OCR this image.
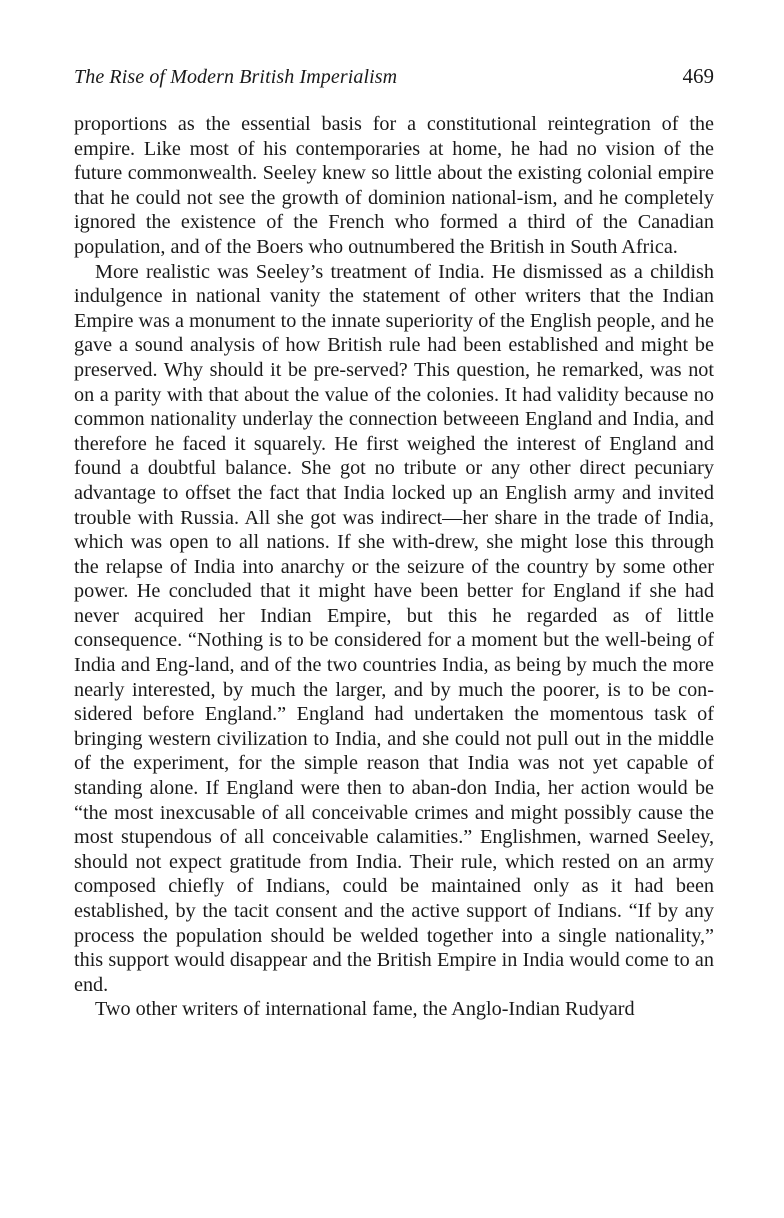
The Rise of Modern British Imperialism	469

proportions as the essential basis for a constitutional reintegration of the empire. Like most of his contemporaries at home, he had no vision of the future commonwealth. Seeley knew so little about the existing colonial empire that he could not see the growth of dominion national-ism, and he completely ignored the existence of the French who formed a third of the Canadian population, and of the Boers who outnumbered the British in South Africa.

More realistic was Seeley’s treatment of India. He dismissed as a childish indulgence in national vanity the statement of other writers that the Indian Empire was a monument to the innate superiority of the English people, and he gave a sound analysis of how British rule had been established and might be preserved. Why should it be pre-served? This question, he remarked, was not on a parity with that about the value of the colonies. It had validity because no common nationality underlay the connection betweeen England and India, and therefore he faced it squarely. He first weighed the interest of England and found a doubtful balance. She got no tribute or any other direct pecuniary advantage to offset the fact that India locked up an English army and invited trouble with Russia. All she got was indirect—her share in the trade of India, which was open to all nations. If she with-drew, she might lose this through the relapse of India into anarchy or the seizure of the country by some other power. He concluded that it might have been better for England if she had never acquired her Indian Empire, but this he regarded as of little consequence. “Nothing is to be considered for a moment but the well-being of India and Eng-land, and of the two countries India, as being by much the more nearly interested, by much the larger, and by much the poorer, is to be con-sidered before England.” England had undertaken the momentous task of bringing western civilization to India, and she could not pull out in the middle of the experiment, for the simple reason that India was not yet capable of standing alone. If England were then to aban-don India, her action would be “the most inexcusable of all conceivable crimes and might possibly cause the most stupendous of all conceivable calamities.” Englishmen, warned Seeley, should not expect gratitude from India. Their rule, which rested on an army composed chiefly of Indians, could be maintained only as it had been established, by the tacit consent and the active support of Indians. “If by any process the population should be welded together into a single nationality,” this support would disappear and the British Empire in India would come to an end.

Two other writers of international fame, the Anglo-Indian Rudyard
